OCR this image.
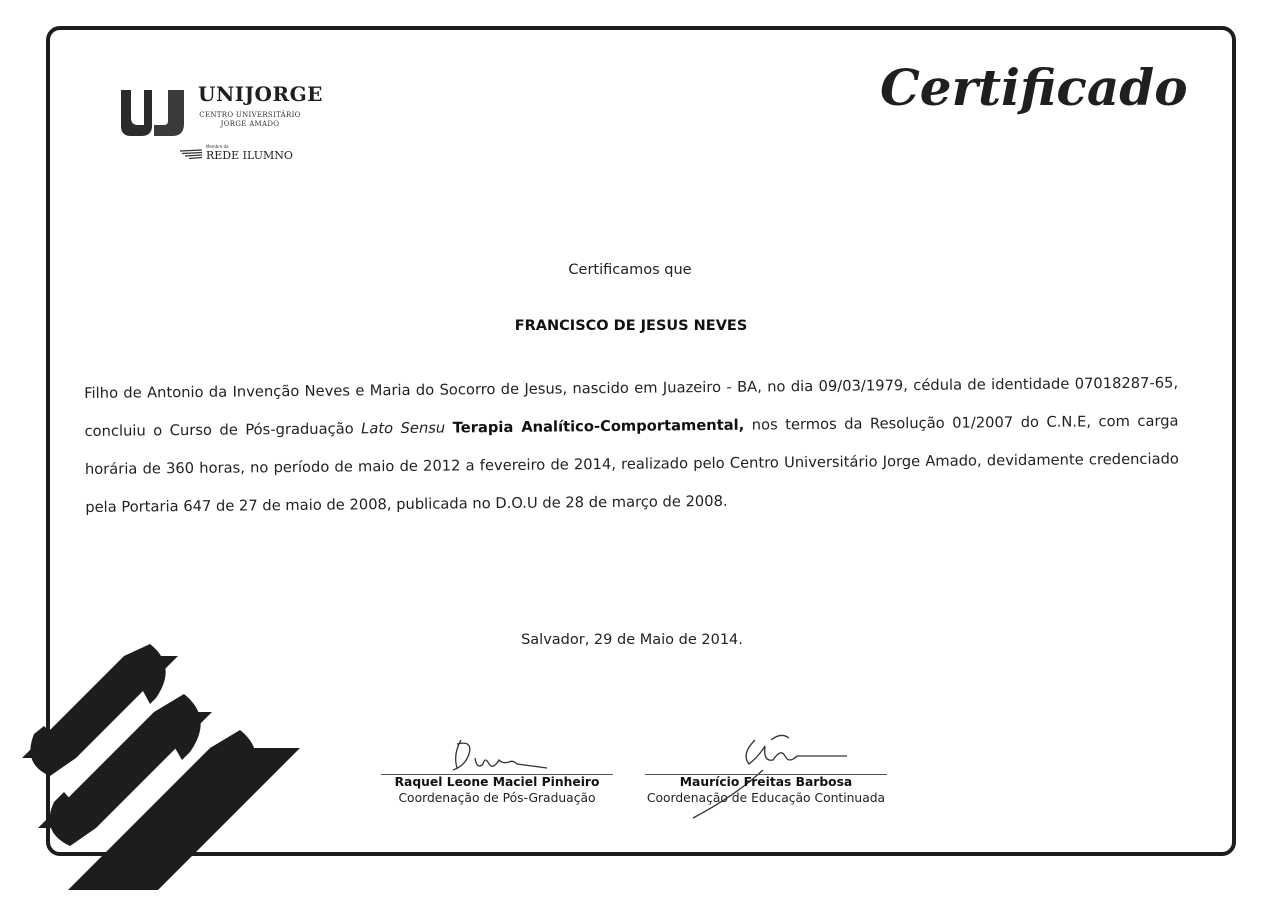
UNIJORGE

CENTRO UNIVERSITÁRIO

JORGE AMADO

Membro da

REDE ILUMNO

Certificado

Certificamos que

FRANCISCO DE JESUS NEVES

Filho de Antonio da Invenção Neves e Maria do Socorro de Jesus, nascido em Juazeiro - BA, no dia 09/03/1979, cédula de identidade 07018287-65, concluiu o Curso de Pós-graduação Lato Sensu Terapia Analítico-Comportamental, nos termos da Resolução 01/2007 do C.N.E, com carga horária de 360 horas, no período de maio de 2012 a fevereiro de 2014, realizado pelo Centro Universitário Jorge Amado, devidamente credenciado pela Portaria 647 de 27 de maio de 2008, publicada no D.O.U de 28 de março de 2008.

Salvador, 29 de Maio de 2014.

Raquel Leone Maciel Pinheiro

Coordenação de Pós-Graduação

Maurício Freitas Barbosa

Coordenação de Educação Continuada
